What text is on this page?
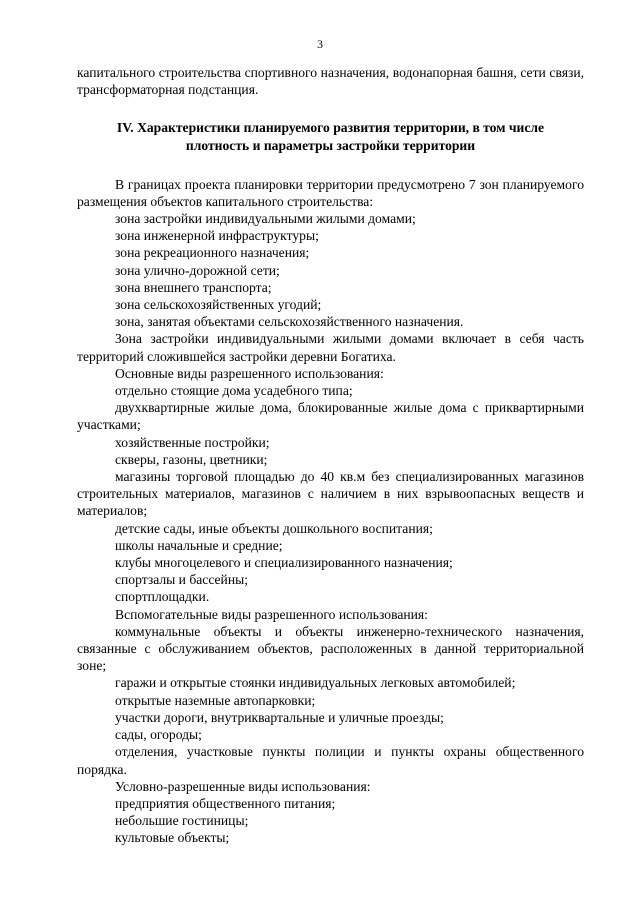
3

капитального строительства спортивного назначения, водонапорная башня, сети связи, трансформаторная подстанция.

IV. Характеристики планируемого развития территории, в том числе плотность и параметры застройки территории

В границах проекта планировки территории предусмотрено 7 зон планируемого размещения объектов капитального строительства:

зона застройки индивидуальными жилыми домами;

зона инженерной инфраструктуры;

зона рекреационного назначения;

зона улично-дорожной сети;

зона внешнего транспорта;

зона сельскохозяйственных угодий;

зона, занятая объектами сельскохозяйственного назначения.

Зона застройки индивидуальными жилыми домами включает в себя часть территорий сложившейся застройки деревни Богатиха.

Основные виды разрешенного использования:

отдельно стоящие дома усадебного типа;

двухквартирные жилые дома, блокированные жилые дома с приквартирными участками;

хозяйственные постройки;

скверы, газоны, цветники;

магазины торговой площадью до 40 кв.м без специализированных магазинов строительных материалов, магазинов с наличием в них взрывоопасных веществ и материалов;

детские сады, иные объекты дошкольного воспитания;

школы начальные и средние;

клубы многоцелевого и специализированного назначения;

спортзалы и бассейны;

спортплощадки.

Вспомогательные виды разрешенного использования:

коммунальные объекты и объекты инженерно-технического назначения, связанные с обслуживанием объектов, расположенных в данной территориальной зоне;

гаражи и открытые стоянки индивидуальных легковых автомобилей;

открытые наземные автопарковки;

участки дороги, внутриквартальные и уличные проезды;

сады, огороды;

отделения, участковые пункты полиции и пункты охраны общественного порядка.

Условно-разрешенные виды использования:

предприятия общественного питания;

небольшие гостиницы;

культовые объекты;
